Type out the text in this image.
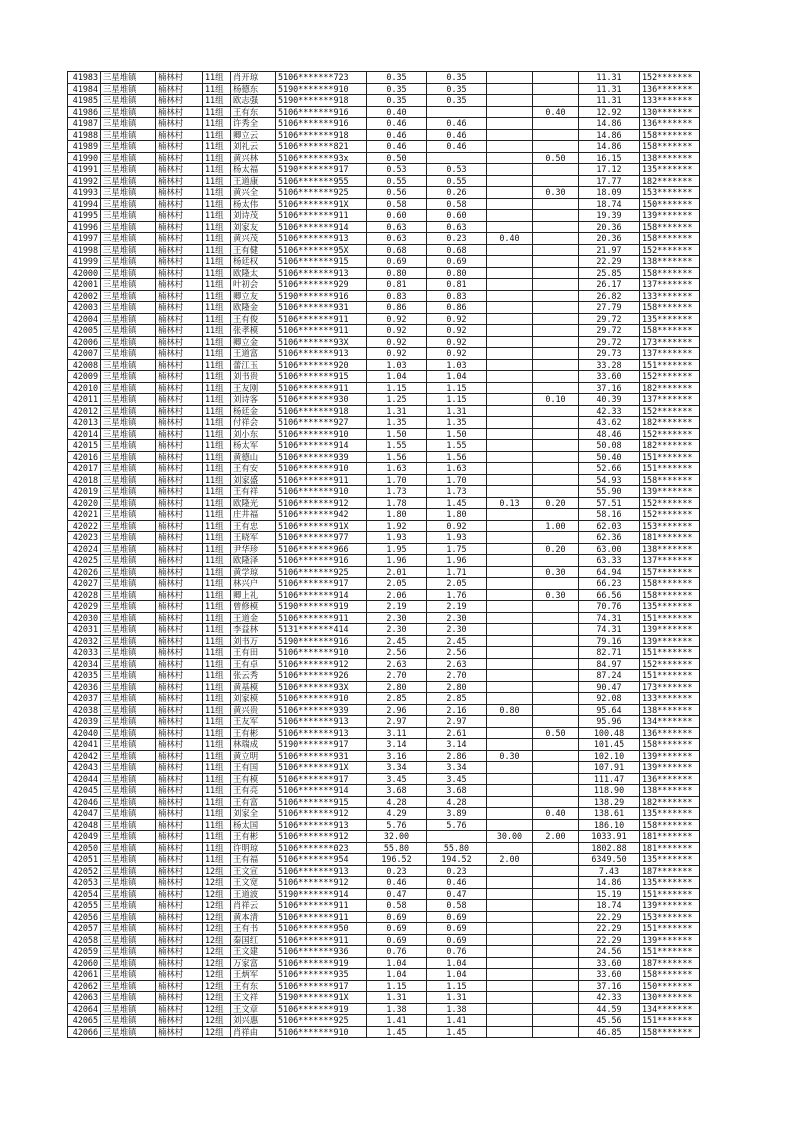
41983	三星堆镇	楠林村	11组	肖开琼	5106*******723	0.35	0.35			11.31	152*******
41984	三星堆镇	楠林村	11组	杨德东	5190*******910	0.35	0.35			11.31	136*******
41985	三星堆镇	楠林村	11组	欧志强	5190*******918	0.35	0.35			11.31	133*******
41986	三星堆镇	楠林村	11组	王有东	5106*******916	0.40			0.40	12.92	130*******
41987	三星堆镇	楠林村	11组	许秀全	5106*******916	0.46	0.46			14.86	136*******
41988	三星堆镇	楠林村	11组	卿立云	5106*******918	0.46	0.46			14.86	158*******
41989	三星堆镇	楠林村	11组	刘礼云	5106*******821	0.46	0.46			14.86	158*******
41990	三星堆镇	楠林村	11组	黄兴林	5106*******93x	0.50			0.50	16.15	138*******
41991	三星堆镇	楠林村	11组	杨太福	5190*******917	0.53	0.53			17.12	135*******
41992	三星堆镇	楠林村	11组	王道康	5106*******955	0.55	0.55			17.77	182*******
41993	三星堆镇	楠林村	11组	黄兴全	5106*******925	0.56	0.26		0.30	18.09	153*******
41994	三星堆镇	楠林村	11组	杨太伟	5106*******91X	0.58	0.58			18.74	150*******
41995	三星堆镇	楠林村	11组	刘诗茂	5106*******911	0.60	0.60			19.39	139*******
41996	三星堆镇	楠林村	11组	刘家友	5106*******914	0.63	0.63			20.36	158*******
41997	三星堆镇	楠林村	11组	黄兴茂	5106*******913	0.63	0.23	0.40		20.36	158*******
41998	三星堆镇	楠林村	11组	王有健	5106*******95X	0.68	0.68			21.97	152*******
41999	三星堆镇	楠林村	11组	杨廷权	5106*******915	0.69	0.69			22.29	138*******
42000	三星堆镇	楠林村	11组	欧隆太	5106*******913	0.80	0.80			25.85	158*******
42001	三星堆镇	楠林村	11组	叶初会	5106*******929	0.81	0.81			26.17	137*******
42002	三星堆镇	楠林村	11组	卿立友	5190*******916	0.83	0.83			26.82	133*******
42003	三星堆镇	楠林村	11组	欧隆金	5106*******931	0.86	0.86			27.79	158*******
42004	三星堆镇	楠林村	11组	王有俊	5106*******911	0.92	0.92			29.72	135*******
42005	三星堆镇	楠林村	11组	张孝模	5106*******911	0.92	0.92			29.72	158*******
42006	三星堆镇	楠林村	11组	卿立金	5106*******93X	0.92	0.92			29.72	173*******
42007	三星堆镇	楠林村	11组	王道富	5106*******913	0.92	0.92			29.73	137*******
42008	三星堆镇	楠林村	11组	蕾江玉	5106*******920	1.03	1.03			33.28	151*******
42009	三星堆镇	楠林村	11组	刘书贵	5106*******915	1.04	1.04			33.60	152*******
42010	三星堆镇	楠林村	11组	王友刚	5106*******911	1.15	1.15			37.16	182*******
42011	三星堆镇	楠林村	11组	刘诗客	5106*******930	1.25	1.15		0.10	40.39	137*******
42012	三星堆镇	楠林村	11组	杨廷金	5106*******918	1.31	1.31			42.33	152*******
42013	三星堆镇	楠林村	11组	付祥会	5106*******927	1.35	1.35			43.62	182*******
42014	三星堆镇	楠林村	11组	刘小东	5106*******910	1.50	1.50			48.46	152*******
42015	三星堆镇	楠林村	11组	杨太军	5106*******914	1.55	1.55			50.08	182*******
42016	三星堆镇	楠林村	11组	黄德山	5106*******939	1.56	1.56			50.40	151*******
42017	三星堆镇	楠林村	11组	王有安	5106*******910	1.63	1.63			52.66	151*******
42018	三星堆镇	楠林村	11组	刘家盛	5106*******911	1.70	1.70			54.93	158*******
42019	三星堆镇	楠林村	11组	王有祥	5106*******910	1.73	1.73			55.90	139*******
42020	三星堆镇	楠林村	11组	欧隆光	5106*******912	1.78	1.45	0.13	0.20	57.51	152*******
42021	三星堆镇	楠林村	11组	庄井福	5106*******942	1.80	1.80			58.16	152*******
42022	三星堆镇	楠林村	11组	王有忠	5106*******91X	1.92	0.92		1.00	62.03	153*******
42023	三星堆镇	楠林村	11组	王晓军	5106*******977	1.93	1.93			62.36	181*******
42024	三星堆镇	楠林村	11组	尹华珍	5106*******966	1.95	1.75		0.20	63.00	138*******
42025	三星堆镇	楠林村	11组	欧隆泽	5106*******916	1.96	1.96			63.33	137*******
42026	三星堆镇	楠林村	11组	黄学琼	5106*******925	2.01	1.71		0.30	64.94	157*******
42027	三星堆镇	楠林村	11组	林兴户	5106*******917	2.05	2.05			66.23	158*******
42028	三星堆镇	楠林村	11组	卿上礼	5106*******914	2.06	1.76		0.30	66.56	158*******
42029	三星堆镇	楠林村	11组	曾修模	5190*******919	2.19	2.19			70.76	135*******
42030	三星堆镇	楠林村	11组	王道金	5106*******911	2.30	2.30			74.31	151*******
42031	三星堆镇	楠林村	11组	李益林	5131*******414	2.30	2.30			74.31	139*******
42032	三星堆镇	楠林村	11组	刘书万	5190*******916	2.45	2.45			79.16	139*******
42033	三星堆镇	楠林村	11组	王有田	5106*******910	2.56	2.56			82.71	151*******
42034	三星堆镇	楠林村	11组	王有卓	5106*******912	2.63	2.63			84.97	152*******
42035	三星堆镇	楠林村	11组	张云秀	5106*******926	2.70	2.70			87.24	151*******
42036	三星堆镇	楠林村	11组	黄基模	5106*******93X	2.80	2.80			90.47	173*******
42037	三星堆镇	楠林村	11组	刘家模	5106*******910	2.85	2.85			92.08	133*******
42038	三星堆镇	楠林村	11组	黄兴贵	5106*******939	2.96	2.16	0.80		95.64	138*******
42039	三星堆镇	楠林村	11组	王友军	5106*******913	2.97	2.97			95.96	134*******
42040	三星堆镇	楠林村	11组	王有彬	5106*******913	3.11	2.61		0.50	100.48	136*******
42041	三星堆镇	楠林村	11组	林瑞成	5190*******917	3.14	3.14			101.45	158*******
42042	三星堆镇	楠林村	11组	黄立明	5106*******931	3.16	2.86	0.30		102.10	139*******
42043	三星堆镇	楠林村	11组	王有国	5106*******91X	3.34	3.34			107.91	139*******
42044	三星堆镇	楠林村	11组	王有模	5106*******917	3.45	3.45			111.47	136*******
42045	三星堆镇	楠林村	11组	王有亮	5106*******914	3.68	3.68			118.90	138*******
42046	三星堆镇	楠林村	11组	王有富	5106*******915	4.28	4.28			138.29	182*******
42047	三星堆镇	楠林村	11组	刘家全	5106*******912	4.29	3.89		0.40	138.61	135*******
42048	三星堆镇	楠林村	11组	杨太国	5106*******913	5.76	5.76			186.10	158*******
42049	三星堆镇	楠林村	11组	王有彬	5106*******912	32.00		30.00	2.00	1033.91	181*******
42050	三星堆镇	楠林村	11组	许明琼	5106*******023	55.80	55.80			1802.88	181*******
42051	三星堆镇	楠林村	11组	王有福	5106*******954	196.52	194.52	2.00		6349.50	135*******
42052	三星堆镇	楠林村	12组	王文宣	5106*******913	0.23	0.23			7.43	187*******
42053	三星堆镇	楠林村	12组	王文宽	5106*******912	0.46	0.46			14.86	135*******
42054	三星堆镇	楠林村	12组	王道波	5190*******914	0.47	0.47			15.19	151*******
42055	三星堆镇	楠林村	12组	肖祥云	5106*******911	0.58	0.58			18.74	139*******
42056	三星堆镇	楠林村	12组	黄本清	5106*******911	0.69	0.69			22.29	153*******
42057	三星堆镇	楠林村	12组	王有书	5106*******950	0.69	0.69			22.29	151*******
42058	三星堆镇	楠林村	12组	秦国红	5106*******911	0.69	0.69			22.29	139*******
42059	三星堆镇	楠林村	12组	王文建	5106*******936	0.76	0.76			24.56	151*******
42060	三星堆镇	楠林村	12组	万家富	5106*******919	1.04	1.04			33.60	187*******
42061	三星堆镇	楠林村	12组	王炳军	5106*******935	1.04	1.04			33.60	158*******
42062	三星堆镇	楠林村	12组	王有东	5106*******917	1.15	1.15			37.16	150*******
42063	三星堆镇	楠林村	12组	王文祥	5190*******91X	1.31	1.31			42.33	130*******
42064	三星堆镇	楠林村	12组	王文章	5106*******919	1.38	1.38			44.59	134*******
42065	三星堆镇	楠林村	12组	刘兴惠	5106*******925	1.41	1.41			45.56	151*******
42066	三星堆镇	楠林村	12组	肖祥由	5106*******910	1.45	1.45			46.85	158*******
